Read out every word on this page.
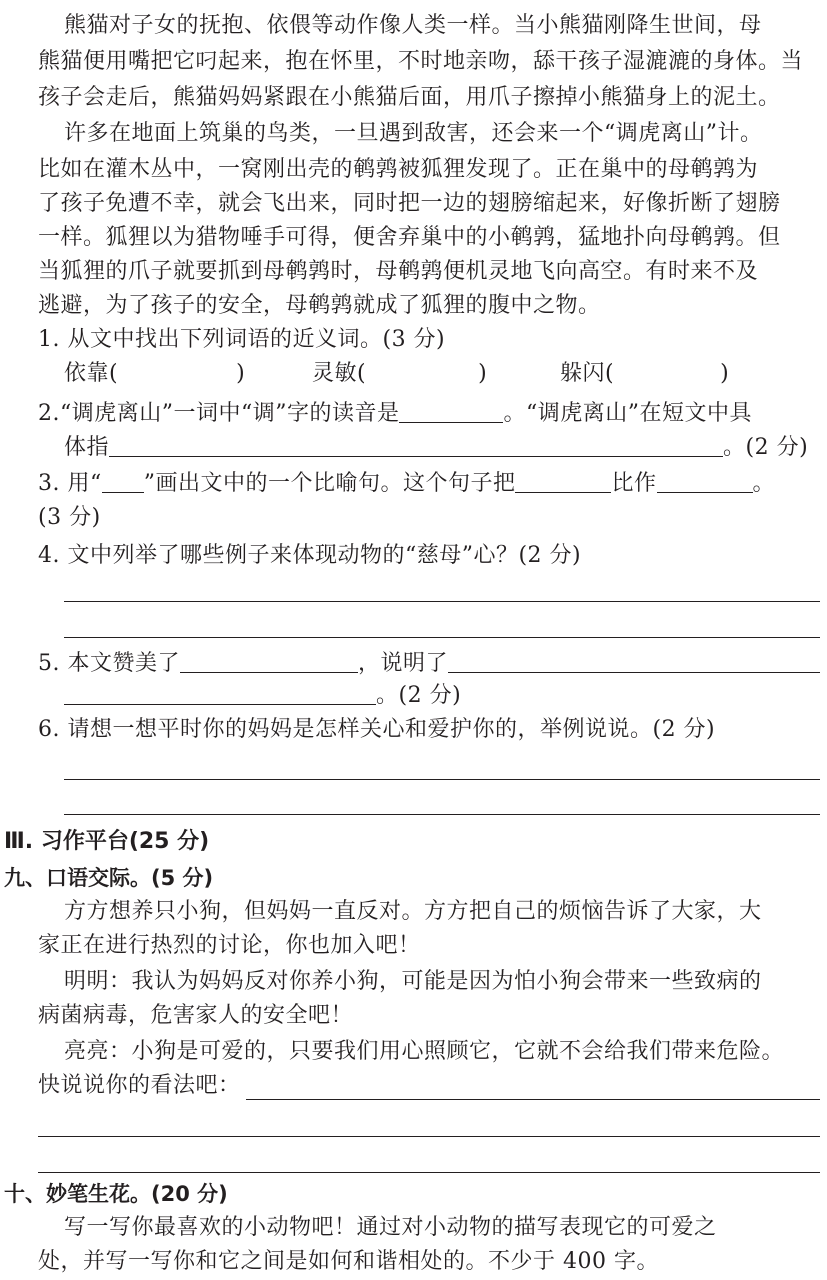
熊猫对子女的抚抱、依偎等动作像人类一样。当小熊猫刚降生世间，母
熊猫便用嘴把它叼起来，抱在怀里，不时地亲吻，舔干孩子湿漉漉的身体。当
孩子会走后，熊猫妈妈紧跟在小熊猫后面，用爪子擦掉小熊猫身上的泥土。
许多在地面上筑巢的鸟类，一旦遇到敌害，还会来一个“调虎离山”计。
比如在灌木丛中，一窝刚出壳的鹌鹑被狐狸发现了。正在巢中的母鹌鹑为
了孩子免遭不幸，就会飞出来，同时把一边的翅膀缩起来，好像折断了翅膀
一样。狐狸以为猎物唾手可得，便舍弃巢中的小鹌鹑，猛地扑向母鹌鹑。但
当狐狸的爪子就要抓到母鹌鹑时，母鹌鹑便机灵地飞向高空。有时来不及
逃避，为了孩子的安全，母鹌鹑就成了狐狸的腹中之物。
1. 从文中找出下列词语的近义词。(3 分)
依靠(	)	灵敏(	)	躲闪(	)
2.“调虎离山”一词中“调”字的读音是	。“调虎离山”在短文中具
体指	。(2 分)
3. 用“ ”画出文中的一个比喻句。这个句子把	比作	。
(3 分)
4. 文中列举了哪些例子来体现动物的“慈母”心？(2 分)
5. 本文赞美了	，说明了
。(2 分)
6. 请想一想平时你的妈妈是怎样关心和爱护你的，举例说说。(2 分)
Ⅲ. 习作平台(25 分)
九、口语交际。(5 分)
方方想养只小狗，但妈妈一直反对。方方把自己的烦恼告诉了大家，大
家正在进行热烈的讨论，你也加入吧！
明明：我认为妈妈反对你养小狗，可能是因为怕小狗会带来一些致病的
病菌病毒，危害家人的安全吧！
亮亮：小狗是可爱的，只要我们用心照顾它，它就不会给我们带来危险。
快说说你的看法吧：
十、妙笔生花。(20 分)
写一写你最喜欢的小动物吧！通过对小动物的描写表现它的可爱之
处，并写一写你和它之间是如何和谐相处的。不少于 400 字。
